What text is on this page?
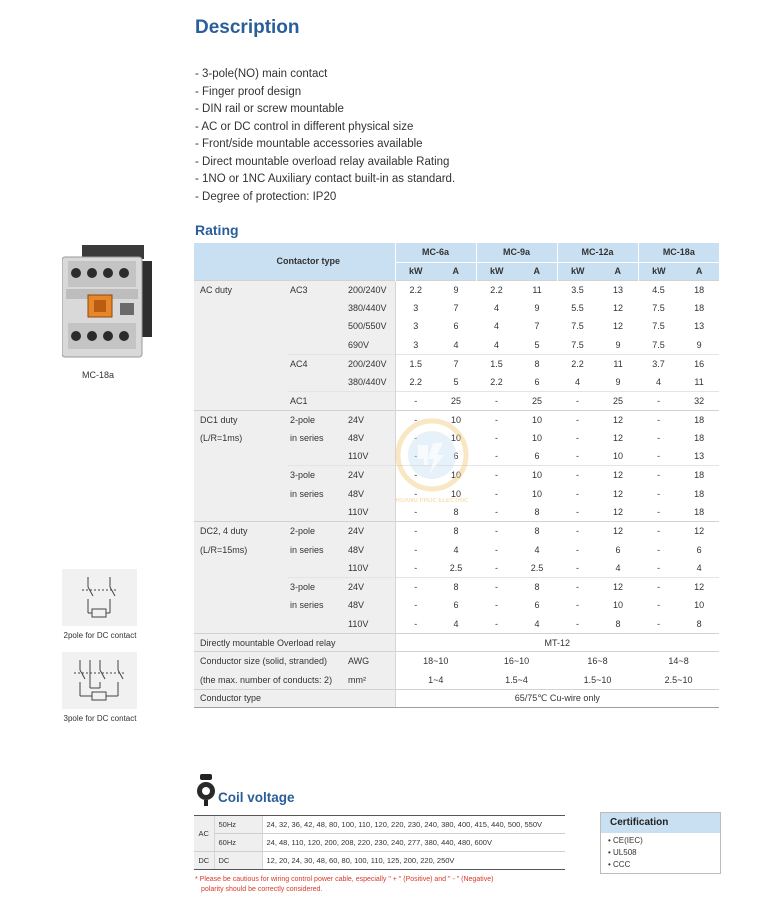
Description
- 3-pole(NO) main contact
- Finger proof design
- DIN rail or screw mountable
- AC or DC control in different physical size
- Front/side mountable accessories available
- Direct mountable overload relay available Rating
- 1NO or 1NC Auxiliary contact built-in as standard.
- Degree of protection: IP20
Rating
MC-18a
2pole for DC contact
3pole for DC contact
Contactor type			MC-6a		MC-9a		MC-12a		MC-18a	
			kW	A	kW	A	kW	A	kW	A
AC duty	AC3	200/240V	2.2	9	2.2	11	3.5	13	4.5	18
		380/440V	3	7	4	9	5.5	12	7.5	18
		500/550V	3	6	4	7	7.5	12	7.5	13
		690V	3	4	4	5	7.5	9	7.5	9
	AC4	200/240V	1.5	7	1.5	8	2.2	11	3.7	16
		380/440V	2.2	5	2.2	6	4	9	4	11
	AC1		-	25	-	25	-	25	-	32
DC1 duty	2-pole	24V	-	10	-	10	-	12	-	18
(L/R=1ms)	in series	48V	-	10	-	10	-	12	-	18
		110V	-	6	-	6	-	10	-	13
	3-pole	24V	-	10	-	10	-	12	-	18
	in series	48V	-	10	-	10	-	12	-	18
		110V	-	8	-	8	-	12	-	18
DC2, 4 duty	2-pole	24V	-	8	-	8	-	12	-	12
(L/R=15ms)	in series	48V	-	4	-	4	-	6	-	6
		110V	-	2.5	-	2.5	-	4	-	4
	3-pole	24V	-	8	-	8	-	12	-	12
	in series	48V	-	6	-	6	-	10	-	10
		110V	-	4	-	4	-	8	-	8
Directly mountable Overload relay			MT-12							
Conductor size (solid, stranded)		AWG	18~10		16~10		16~8		14~8	
(the max. number of conducts: 2)		mm²	1~4		1.5~4		1.5~10		2.5~10	
Conductor type			65/75℃ Cu-wire only							
HOANG PHUC ELECTRIC
Coil voltage
AC	50Hz	24, 32, 36, 42, 48, 80, 100, 110, 120, 220, 230, 240, 380, 400, 415, 440, 500, 550V
	60Hz	24, 48, 110, 120, 200, 208, 220, 230, 240, 277, 380, 440, 480, 600V
DC	DC	12, 20, 24, 30, 48, 60, 80, 100, 110, 125, 200, 220, 250V
* Please be cautious for wiring control power cable, especially " + " (Positive) and " - " (Negative)
polarity should be correctly considered.
Certification
• CE(IEC)
• UL508
• CCC
